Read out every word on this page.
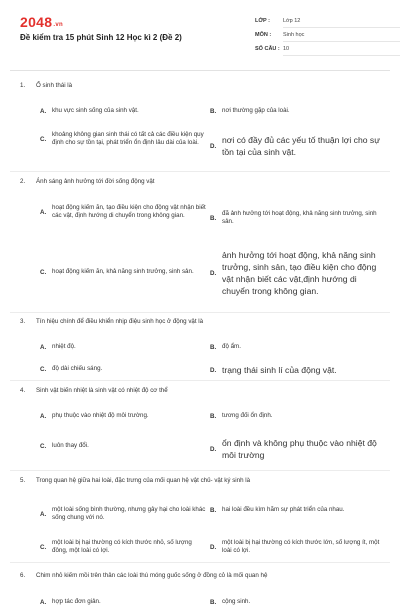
2048.vn
Đề kiểm tra 15 phút Sinh 12 Học kì 2 (Đề 2)
LỚP : Lớp 12
MÔN : Sinh học
SỐ CÂU : 10
1. Ổ sinh thái là
A. khu vực sinh sống của sinh vật.	B. nơi thường gặp của loài.
C.
khoảng không gian sinh thái có tất cả các điều kiện quy định cho sự tồn tại, phát triển ổn định lâu dài của loài.	D.
nơi có đầy đủ các yếu tố thuận lợi cho sự tồn tại của sinh vật.
2. Ánh sáng ảnh hưởng tới đời sống động vật
A.
hoạt động kiếm ăn, tạo điều kiện cho động vật nhận biết các vật, định hướng di chuyển trong không gian.	B.
đã ảnh hưởng tới hoạt động, khả năng sinh trưởng, sinh sản.
C. hoạt động kiếm ăn, khả năng sinh trưởng, sinh sản.	D.
ảnh hưởng tới hoạt động, khả năng sinh trưởng, sinh sản, tạo điều kiện cho động vật nhận biết các vật,định hướng di chuyển trong không gian.
3. Tín hiệu chính để điều khiển nhịp điệu sinh học ở động vật là
A. nhiệt độ.	B. độ ẩm.
C. độ dài chiếu sáng.	D. trạng thái sinh lí của động vật.
4. Sinh vật biến nhiệt là sinh vật có nhiệt độ cơ thể
A. phụ thuộc vào nhiệt độ môi trường.	B. tương đối ổn định.
C. luôn thay đổi.	D.
ổn định và không phụ thuộc vào nhiệt độ môi trường
5. Trong quan hệ giữa hai loài, đặc trưng của mối quan hệ vật chủ- vật ký sinh là
A.
một loài sống bình thường, nhưng gây hại cho loài khác sống chung với nó.
B. hai loài đều kìm hãm sự phát triển của nhau.
C.
một loài bị hại thường có kích thước nhỏ, số lượng đông, một loài có lợi.	D.
một loài bị hại thường có kích thước lớn, số lượng ít, một loài có lợi.
6. Chim nhỏ kiếm mồi trên thân các loài thú móng guốc sống ở đồng cỏ là mối quan hệ
A. hợp tác đơn giản.	B. cộng sinh.
